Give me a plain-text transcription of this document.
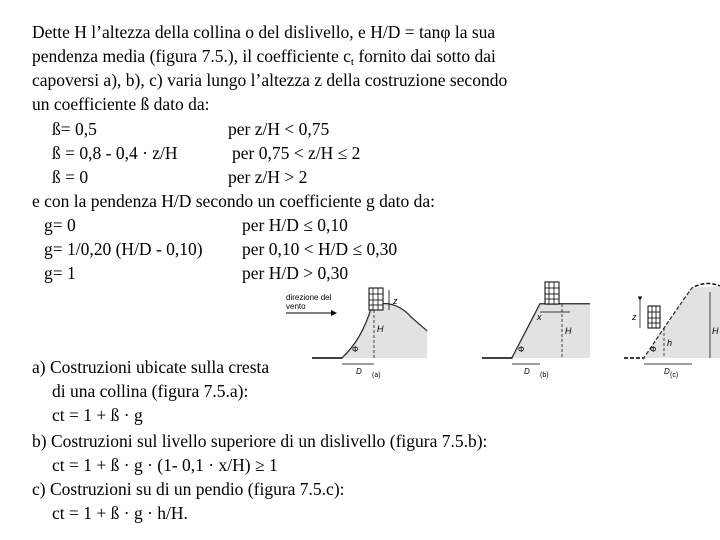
Dette H l’altezza della collina o del dislivello, e H/D = tanφ la sua
pendenza media (figura 7.5.), il coefficiente $c_t$ fornito dai sotto dai
capoversi a), b), c) varia lungo l’altezza z della costruzione secondo
un coefficiente ß dato da:
ß= 0,5	per z/H < 0,75
ß = 0,8 - 0,4 · z/H	per 0,75 < z/H ≤ 2
ß = 0	per z/H > 2
e con la pendenza H/D secondo un coefficiente g dato da:
g= 0	per H/D ≤ 0,10
g= 1/0,20 (H/D - 0,10) per 0,10 < H/D ≤ 0,30
g= 1	per H/D > 0,30
direzione del
vento
z
H
Φ
D (a)
x
H
Φ
D (b)
z
h
H
Φ
D (c)
a) Costruzioni ubicate sulla cresta
di una collina (figura 7.5.a):
ct = 1 + ß · g
b) Costruzioni sul livello superiore di un dislivello (figura 7.5.b):
ct = 1 + ß · g · (1- 0,1 · x/H) ≥ 1
c) Costruzioni su di un pendio (figura 7.5.c):
ct = 1 + ß · g · h/H.
